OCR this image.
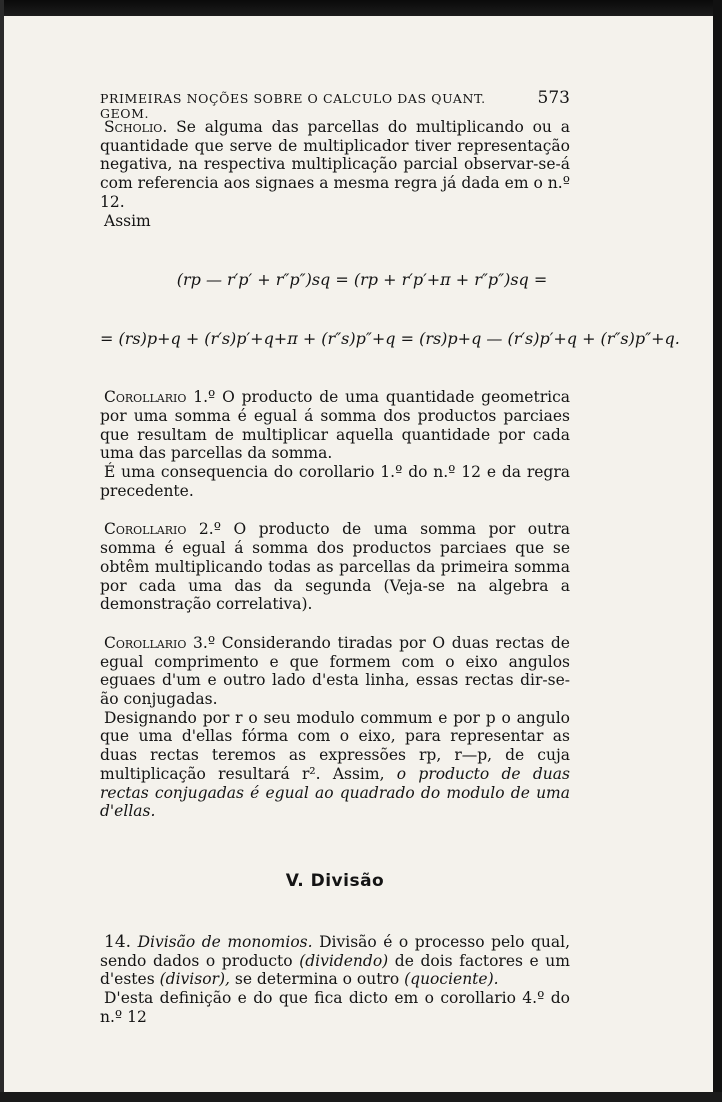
PRIMEIRAS NOÇÕES SOBRE O CALCULO DAS QUANT. GEOM.
573

Scholio. Se alguma das parcellas do multiplicando ou a quantidade que serve de multiplicador tiver representação negativa, na respectiva multiplicação parcial observar-se-á com referencia aos signaes a mesma regra já dada em o n.º 12.

Assim

(rp — r′p′ + r″p″)sq = (rp + r′p′+π + r″p″)sq =
= (rs)p+q + (r′s)p′+q+π + (r″s)p″+q = (rs)p+q — (r′s)p′+q + (r″s)p″+q.

Corollario 1.º O producto de uma quantidade geometrica por uma somma é egual á somma dos productos parciaes que resultam de multiplicar aquella quantidade por cada uma das parcellas da somma.

É uma consequencia do corollario 1.º do n.º 12 e da regra precedente.

Corollario 2.º O producto de uma somma por outra somma é egual á somma dos productos parciaes que se obtêm multiplicando todas as parcellas da primeira somma por cada uma das da segunda (Veja-se na algebra a demonstração correlativa).

Corollario 3.º Considerando tiradas por O duas rectas de egual comprimento e que formem com o eixo angulos eguaes d'um e outro lado d'esta linha, essas rectas dir-se-ão conjugadas.

Designando por r o seu modulo commum e por p o angulo que uma d'ellas fórma com o eixo, para representar as duas rectas teremos as expressões rp, r—p, de cuja multiplicação resultará r². Assim, o producto de duas rectas conjugadas é egual ao quadrado do modulo de uma d'ellas.

V. Divisão

14. Divisão de monomios. Divisão é o processo pelo qual, sendo dados o producto (dividendo) de dois factores e um d'estes (divisor), se determina o outro (quociente).

D'esta definição e do que fica dicto em o corollario 4.º do n.º 12
